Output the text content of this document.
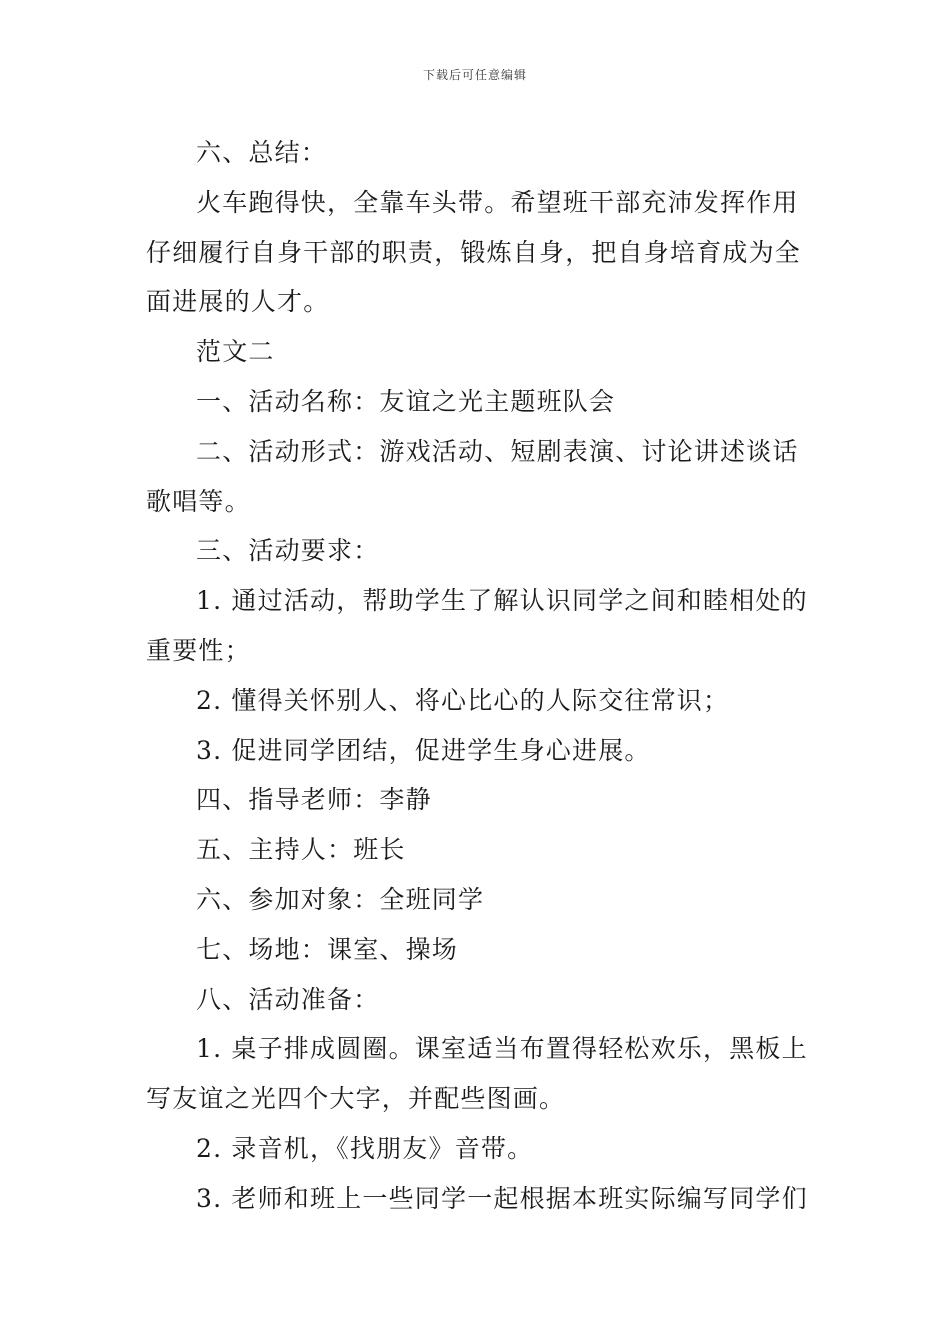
下载后可任意编辑

六、总结：

火车跑得快，全靠车头带。希望班干部充沛发挥作用仔细履行自身干部的职责，锻炼自身，把自身培育成为全面进展的人才。

范文二

一、活动名称：友谊之光主题班队会

二、活动形式：游戏活动、短剧表演、讨论讲述谈话歌唱等。

三、活动要求：

1. 通过活动，帮助学生了解认识同学之间和睦相处的重要性；

2. 懂得关怀别人、将心比心的人际交往常识；

3. 促进同学团结，促进学生身心进展。

四、指导老师：李静

五、主持人：班长

六、参加对象：全班同学

七、场地：课室、操场

八、活动准备：

1. 桌子排成圆圈。课室适当布置得轻松欢乐，黑板上写友谊之光四个大字，并配些图画。

2. 录音机，《找朋友》音带。

3. 老师和班上一些同学一起根据本班实际编写同学们
